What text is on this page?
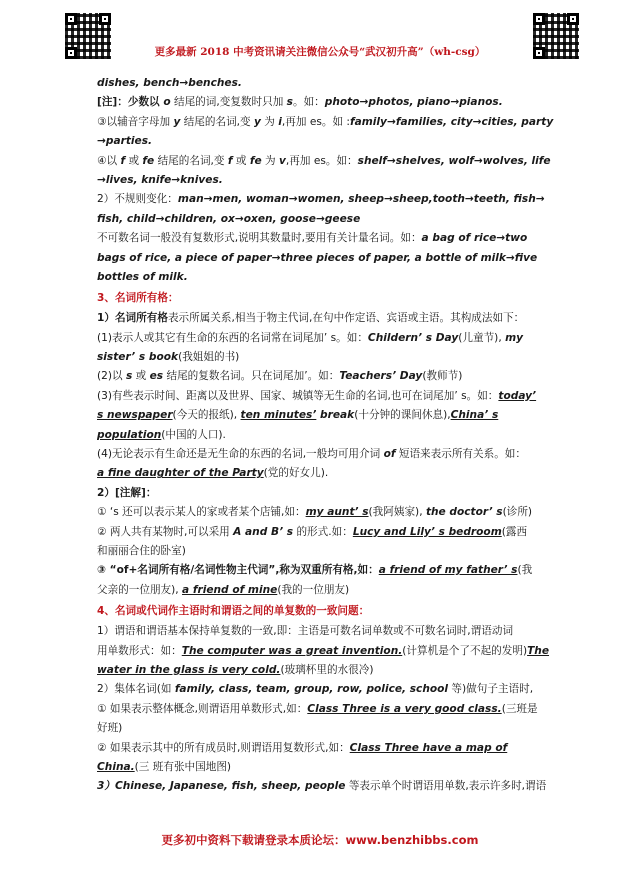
更多最新 2018 中考资讯请关注微信公众号“武汉初升高”（wh-csg）
dishes, bench→benches.
[注]：少数以 o 结尾的词,变复数时只加 s。如：photo→photos, piano→pianos.
③以辅音字母加 y 结尾的名词,变 y 为 i,再加 es。如 :family→families, city→cities, party
→parties.
④以 f 或 fe 结尾的名词,变 f 或 fe 为 v,再加 es。如：shelf→shelves, wolf→wolves, life
→lives, knife→knives.
2）不规则变化：man→men, woman→women, sheep→sheep,tooth→teeth, fish→
fish, child→children, ox→oxen, goose→geese
不可数名词一般没有复数形式,说明其数量时,要用有关计量名词。如：a bag of rice→two
bags of rice, a piece of paper→three pieces of paper, a bottle of milk→five
bottles of milk.
3、名词所有格：
1）名词所有格表示所属关系,相当于物主代词,在句中作定语、宾语或主语。其构成法如下：
(1)表示人或其它有生命的东西的名词常在词尾加’ s。如：Childern’ s Day(儿童节), my
sister’ s book(我姐姐的书)
(2)以 s 或 es 结尾的复数名词。只在词尾加’。如：Teachers’ Day(教师节)
(3)有些表示时间、距离以及世界、国家、城镇等无生命的名词,也可在词尾加’ s。如：today’
s newspaper(今天的报纸), ten minutes’ break(十分钟的课间休息),China’ s
population(中国的人口).
(4)无论表示有生命还是无生命的东西的名词,一般均可用介词 of 短语来表示所有关系。如：
a fine daughter of the Party(党的好女儿).
2）[注解]：
① ‘s 还可以表示某人的家或者某个店铺,如：my aunt’ s(我阿姨家), the doctor’ s(诊所)
② 两人共有某物时,可以采用 A and B’ s 的形式.如：Lucy and Lily’ s bedroom(露西
和丽丽合住的卧室)
③ “of+名词所有格/名词性物主代词”,称为双重所有格,如：a friend of my father’ s(我
父亲的一位朋友), a friend of mine(我的一位朋友)
4、名词或代词作主语时和谓语之间的单复数的一致问题：
1）谓语和谓语基本保持单复数的一致,即：主语是可数名词单数或不可数名词时,谓语动词
用单数形式：如：The computer was a great invention.(计算机是个了不起的发明)The
water in the glass is very cold.(玻璃杯里的水很冷)
2）集体名词(如 family, class, team, group, row, police, school 等)做句子主语时,
① 如果表示整体概念,则谓语用单数形式,如：Class Three is a very good class.(三班是
好班)
② 如果表示其中的所有成员时,则谓语用复数形式,如：Class Three have a map of
China.(三 班有张中国地图)
3）Chinese, Japanese, fish, sheep, people 等表示单个时谓语用单数,表示许多时,谓语
更多初中资料下载请登录本质论坛：www.benzhibbs.com
